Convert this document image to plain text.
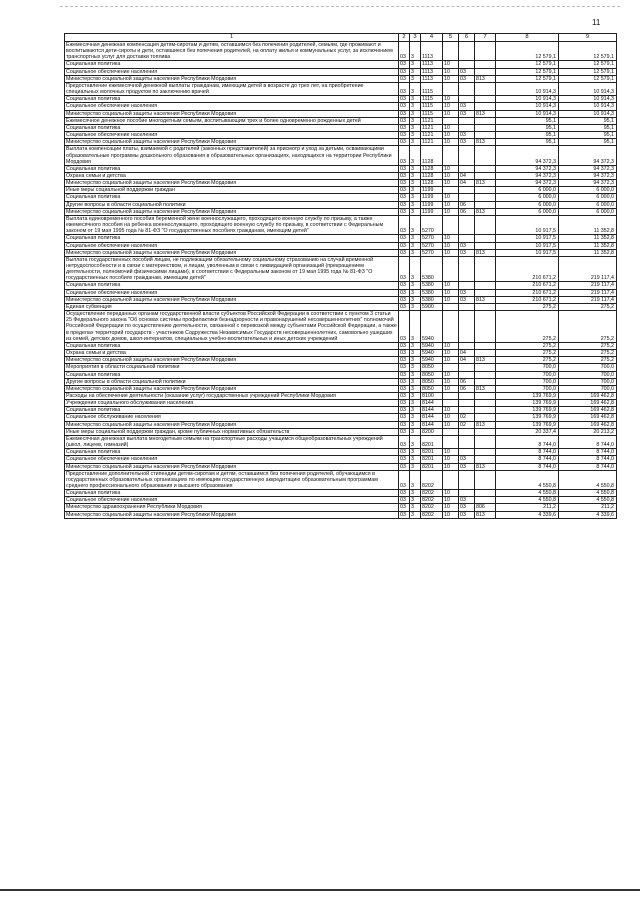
11
1	2	3	4	5	6	7	8	9
Ежемесячная денежная компенсация детям-сиротам и детям, оставшимся без попечения родителей, семьям, где проживают и воспитываются дети-сироты и дети, оставшиеся без попечения родителей, на оплату жилья и коммунальных услуг, за исключением транспортных услуг для доставки топлива	03	3	1113				12 579,1	12 579,1
Социальная политика	03	3	1113	10			12 579,1	12 579,1
Социальное обеспечение населения	03	3	1113	10	03		12 579,1	12 579,1
Министерство социальной защиты населения Республики Мордовия	03	3	1113	10	03	813	12 579,1	12 579,1
Предоставление ежемесячной денежной выплаты гражданам, имеющим детей в возрасте до трех лет, на приобретение специальных молочных продуктов по заключению врачей	03	3	1115				10 914,3	10 914,3
Социальная политика	03	3	1115	10			10 914,3	10 914,3
Социальное обеспечение населения	03	3	1115	10	03		10 914,3	10 914,3
Министерство социальной защиты населения Республики Мордовия	03	3	1115	10	03	813	10 914,3	10 914,3
Ежемесячное денежное пособие многодетным семьям, воспитывающим трех и более одновременно рожденных детей	03	3	1121				95,1	95,1
Социальная политика	03	3	1121	10			95,1	95,1
Социальное обеспечение населения	03	3	1121	10	03		95,1	95,1
Министерство социальной защиты населения Республики Мордовия	03	3	1121	10	03	813	95,1	95,1
Выплата компенсации платы, взимаемой с родителей (законных представителей) за присмотр и уход за детьми, осваивающими образовательные программы дошкольного образования в образовательных организациях, находящихся на территории Республики Мордовия	03	3	1128				94 372,3	94 372,3
Социальная политика	03	3	1128	10			94 372,3	94 372,3
Охрана семьи и детства	03	3	1128	10	04		94 372,3	94 372,3
Министерство социальной защиты населения Республики Мордовия	03	3	1128	10	04	813	94 372,3	94 372,3
Иные меры социальной поддержки граждан	03	3	1199				6 000,0	6 000,0
Социальная политика	03	3	1199	10			6 000,0	6 000,0
Другие вопросы в области социальной политики	03	3	1199	10	06		6 000,0	6 000,0
Министерство социальной защиты населения Республики Мордовия	03	3	1199	10	06	813	6 000,0	6 000,0
Выплата единовременного пособия беременной жене военнослужащего, проходящего военную службу по призыву, а также ежемесячного пособия на ребенка военнослужащего, проходящего военную службу по призыву, в соответствии с Федеральным законом от 19 мая 1995 года № 81-ФЗ "О государственных пособиях гражданам, имеющим детей"	03	3	5270				10 917,5	11 352,8
Социальная политика	03	3	5270	10			10 917,5	11 352,8
Социальное обеспечение населения	03	3	5270	10	03		10 917,5	11 352,8
Министерство социальной защиты населения Республики Мордовия	03	3	5270	10	03	813	10 917,5	11 352,8
Выплата государственных пособий лицам, не подлежащим обязательному социальному страхованию на случай временной нетрудоспособности и в связи с материнством, и лицам, уволенным в связи с ликвидацией организаций (прекращением деятельности, полномочий физическими лицами), в соответствии с Федеральным законом от 19 мая 1995 года № 81-ФЗ "О государственных пособиях гражданам, имеющим детей"	03	3	5380				210 671,2	219 117,4
Социальная политика	03	3	5380	10			210 671,2	219 117,4
Социальное обеспечение населения	03	3	5380	10	03		210 671,2	219 117,4
Министерство социальной защиты населения Республики Мордовия	03	3	5380	10	03	813	210 671,2	219 117,4
Единая субвенция	03	3	5900				275,2	275,2
Осуществление переданных органам государственной власти субъектов Российской Федерации в соответствии с пунктом 3 статьи 25 Федерального закона "Об основах системы профилактики безнадзорности и правонарушений несовершеннолетних" полномочий Российской Федерации по осуществлению деятельности, связанной с перевозкой между субъектами Российской Федерации, а также в пределах территорий государств - участников Содружества Независимых Государств несовершеннолетних, самовольно ушедших из семей, детских домов, школ-интернатов, специальных учебно-воспитательных и иных детских учреждений	03	3	5940				275,2	275,2
Социальная политика	03	3	5940	10			275,2	275,2
Охрана семьи и детства	03	3	5940	10	04		275,2	275,2
Министерство социальной защиты населения Республики Мордовия	03	3	5940	10	04	813	275,2	275,2
Мероприятия в области социальной политики	03	3	8050				700,0	700,0
Социальная политика	03	3	8050	10			700,0	700,0
Другие вопросы в области социальной политики	03	3	8050	10	06		700,0	700,0
Министерство социальной защиты населения Республики Мордовия	03	3	8050	10	06	813	700,0	700,0
Расходы на обеспечение деятельности (оказание услуг) государственных учреждений Республики Мордовия	03	3	8100				139 769,9	169 462,8
Учреждения социального обслуживания населения	03	3	8144				139 769,9	169 462,8
Социальная политика	03	3	8144	10			139 769,9	169 462,8
Социальное обслуживание населения	03	3	8144	10	02		139 769,9	169 462,8
Министерство социальной защиты населения Республики Мордовия	03	3	8144	10	02	813	139 769,9	169 462,8
Иные меры социальной поддержки граждан, кроме публичных нормативных обязательств	03	3	8200				20 337,4	20 213,2
Ежемесячная денежная выплата многодетным семьям на транспортные расходы учащимся общеобразовательных учреждений (школ, лицеев, гимназий)	03	3	8201				8 744,0	8 744,0
Социальная политика	03	3	8201	10			8 744,0	8 744,0
Социальное обеспечение населения	03	3	8201	10	03		8 744,0	8 744,0
Министерство социальной защиты населения Республики Мордовия	03	3	8201	10	03	813	8 744,0	8 744,0
Предоставление дополнительной стипендии детям-сиротам и детям, оставшимся без попечения родителей, обучающимся в государственных образовательных организациях по имеющим государственную аккредитацию образовательным программам среднего профессионального образования и высшего образования	03	3	8202				4 550,8	4 550,8
Социальная политика	03	3	8202	10			4 550,8	4 550,8
Социальное обеспечение населения	03	3	8202	10	03		4 550,8	4 550,8
Министерство здравоохранения Республики Мордовия	03	3	8202	10	03	806	211,2	211,2
Министерство социальной защиты населения Республики Мордовия	03	3	8202	10	03	813	4 339,6	4 339,6
